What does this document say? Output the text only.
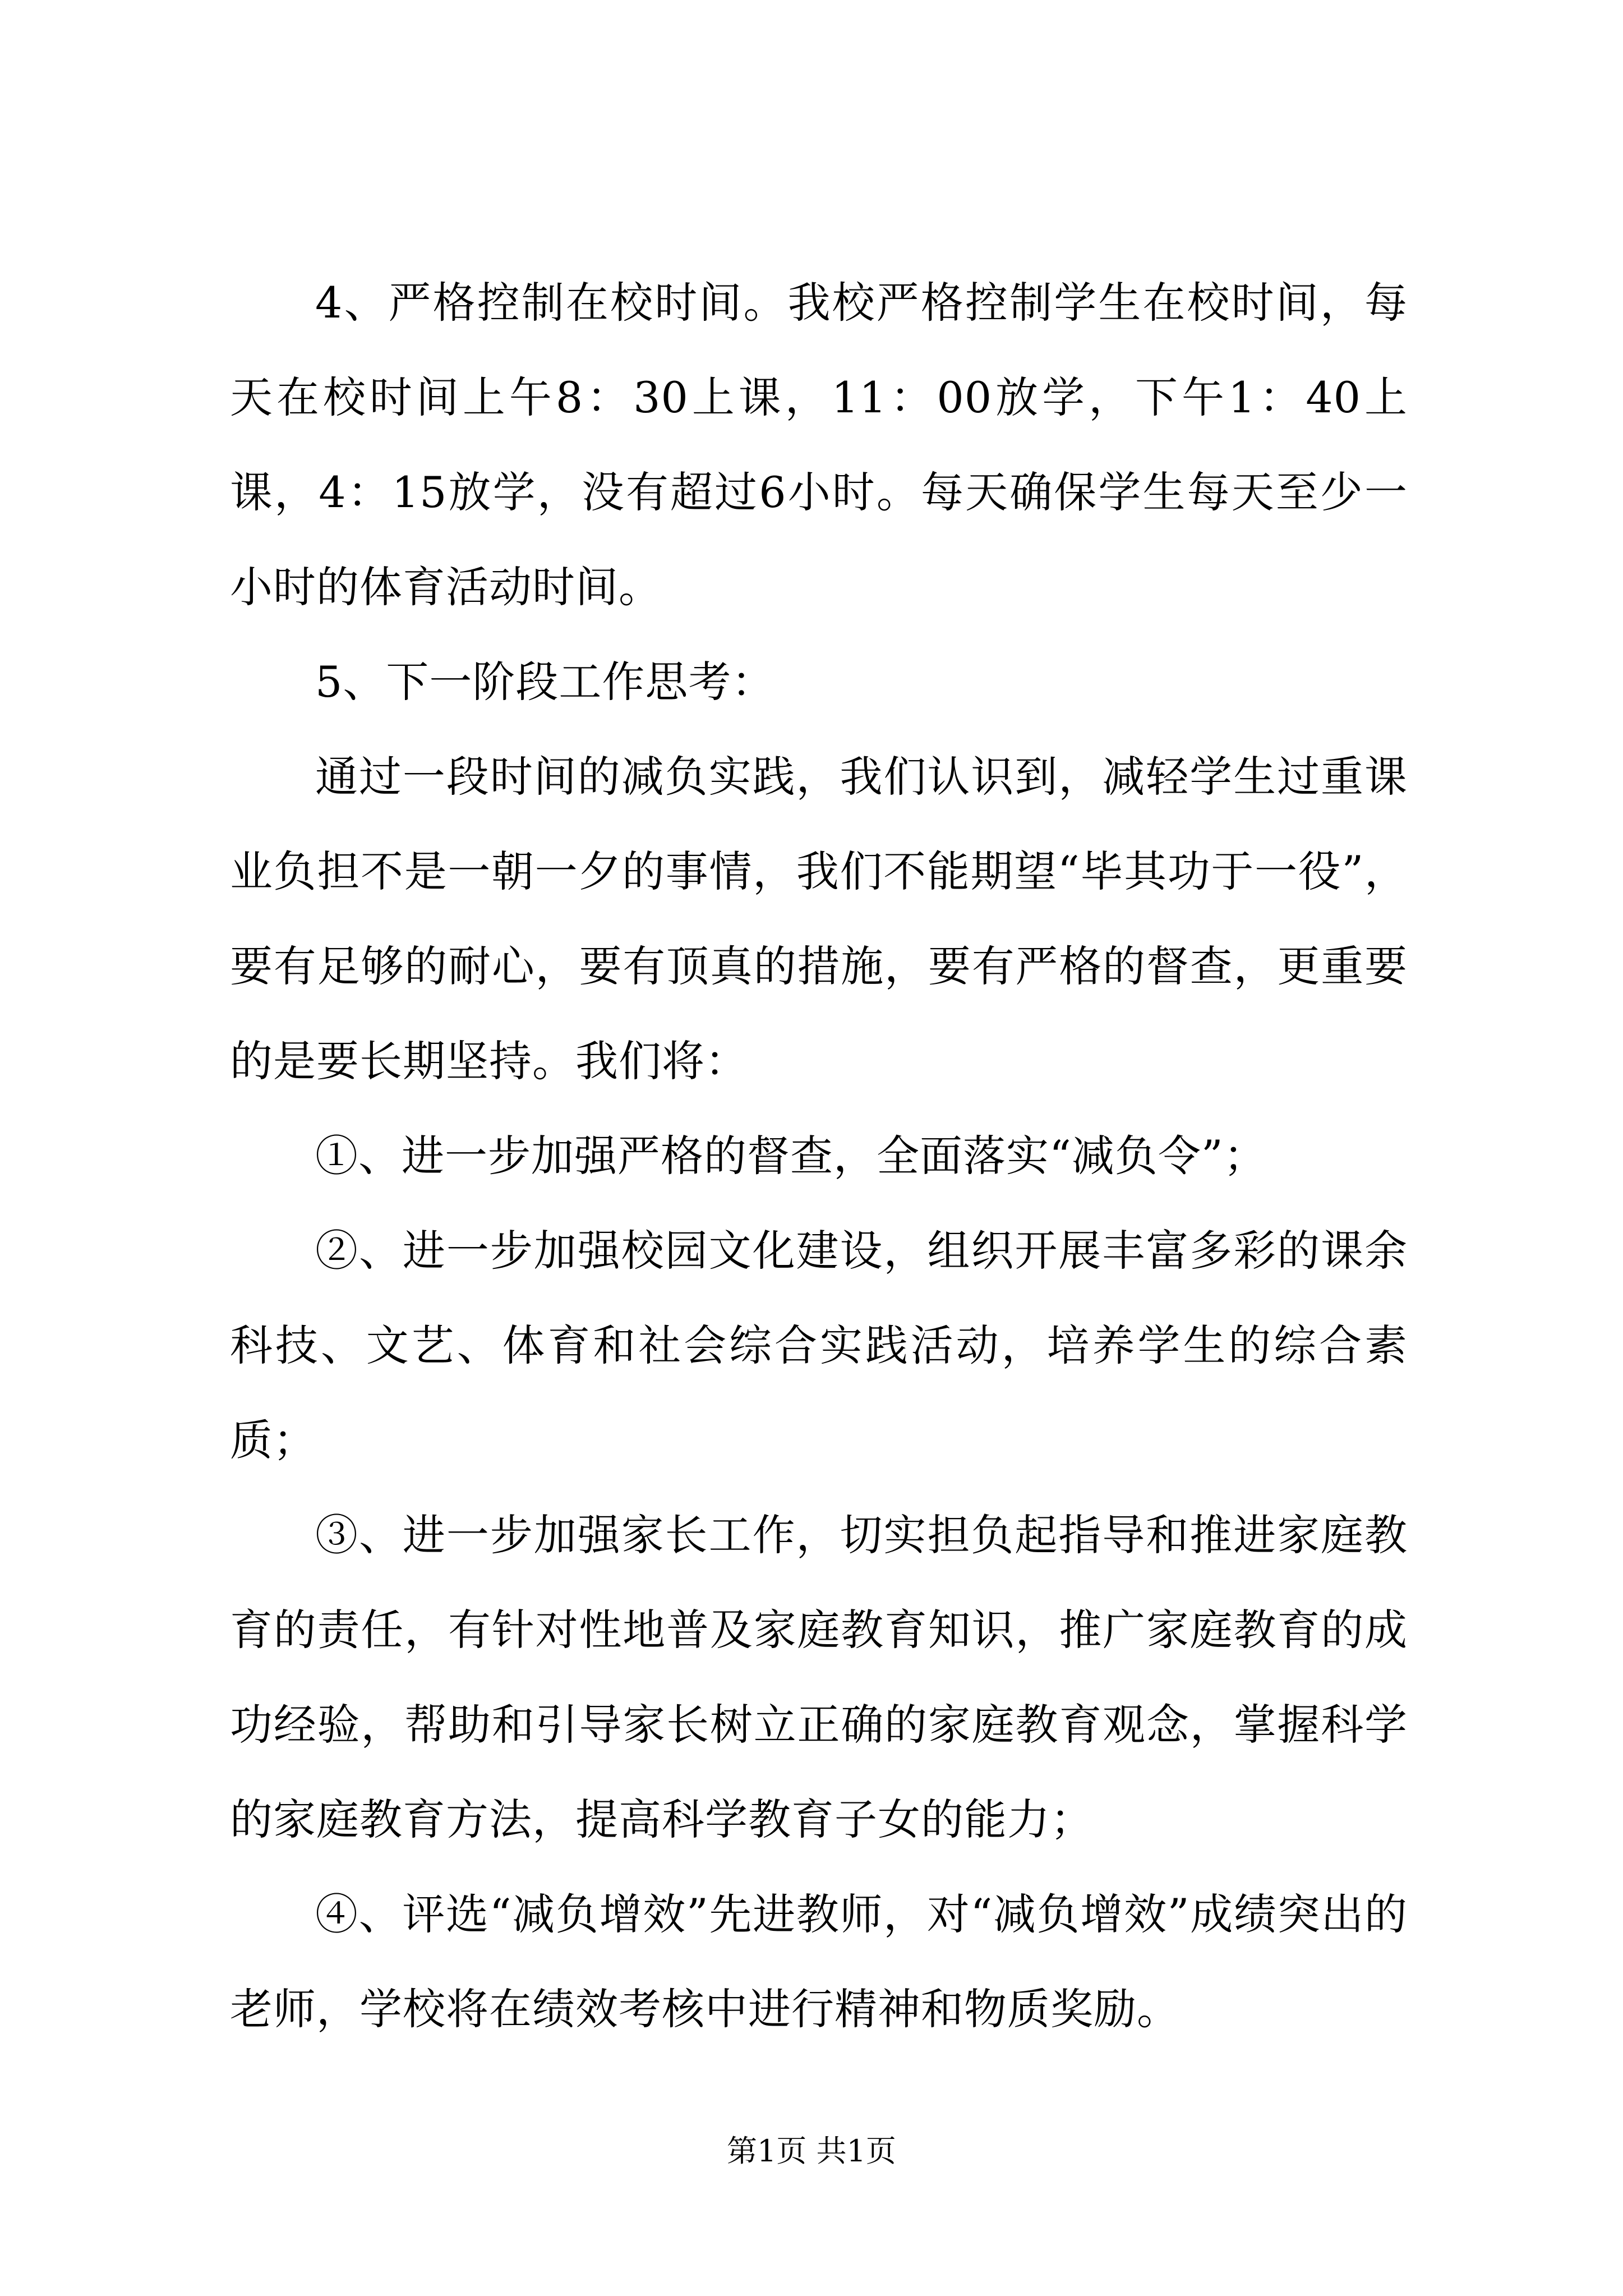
4、严格控制在校时间。我校严格控制学生在校时间，每天在校时间上午8：30上课，11：00放学，下午1：40上课，4：15放学，没有超过6小时。每天确保学生每天至少一小时的体育活动时间。

5、下一阶段工作思考：

通过一段时间的减负实践，我们认识到，减轻学生过重课业负担不是一朝一夕的事情，我们不能期望“毕其功于一役”，要有足够的耐心，要有顶真的措施，要有严格的督查，更重要的是要长期坚持。我们将：

①、进一步加强严格的督查，全面落实“减负令”；

②、进一步加强校园文化建设，组织开展丰富多彩的课余科技、文艺、体育和社会综合实践活动，培养学生的综合素质；

③、进一步加强家长工作，切实担负起指导和推进家庭教育的责任，有针对性地普及家庭教育知识，推广家庭教育的成功经验，帮助和引导家长树立正确的家庭教育观念，掌握科学的家庭教育方法，提高科学教育子女的能力；

④、评选“减负增效”先进教师，对“减负增效”成绩突出的老师，学校将在绩效考核中进行精神和物质奖励。

第1页 共1页
